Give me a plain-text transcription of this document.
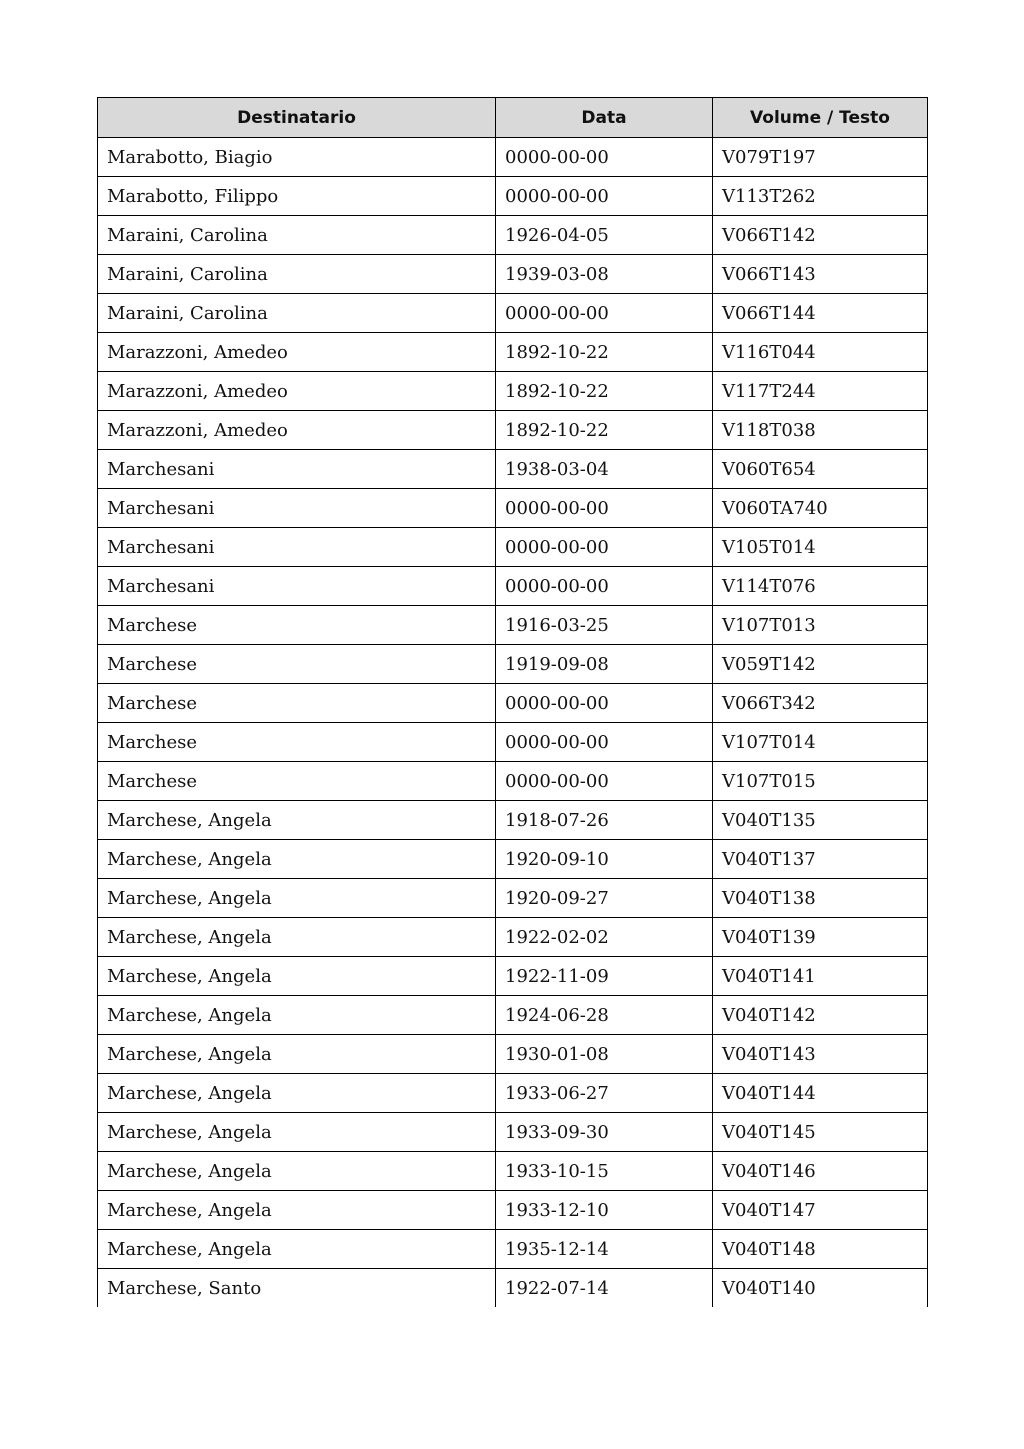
Destinatario	Data	Volume / Testo
Marabotto, Biagio	0000-00-00	V079T197
Marabotto, Filippo	0000-00-00	V113T262
Maraini, Carolina	1926-04-05	V066T142
Maraini, Carolina	1939-03-08	V066T143
Maraini, Carolina	0000-00-00	V066T144
Marazzoni, Amedeo	1892-10-22	V116T044
Marazzoni, Amedeo	1892-10-22	V117T244
Marazzoni, Amedeo	1892-10-22	V118T038
Marchesani	1938-03-04	V060T654
Marchesani	0000-00-00	V060TA740
Marchesani	0000-00-00	V105T014
Marchesani	0000-00-00	V114T076
Marchese	1916-03-25	V107T013
Marchese	1919-09-08	V059T142
Marchese	0000-00-00	V066T342
Marchese	0000-00-00	V107T014
Marchese	0000-00-00	V107T015
Marchese, Angela	1918-07-26	V040T135
Marchese, Angela	1920-09-10	V040T137
Marchese, Angela	1920-09-27	V040T138
Marchese, Angela	1922-02-02	V040T139
Marchese, Angela	1922-11-09	V040T141
Marchese, Angela	1924-06-28	V040T142
Marchese, Angela	1930-01-08	V040T143
Marchese, Angela	1933-06-27	V040T144
Marchese, Angela	1933-09-30	V040T145
Marchese, Angela	1933-10-15	V040T146
Marchese, Angela	1933-12-10	V040T147
Marchese, Angela	1935-12-14	V040T148
Marchese, Santo	1922-07-14	V040T140
